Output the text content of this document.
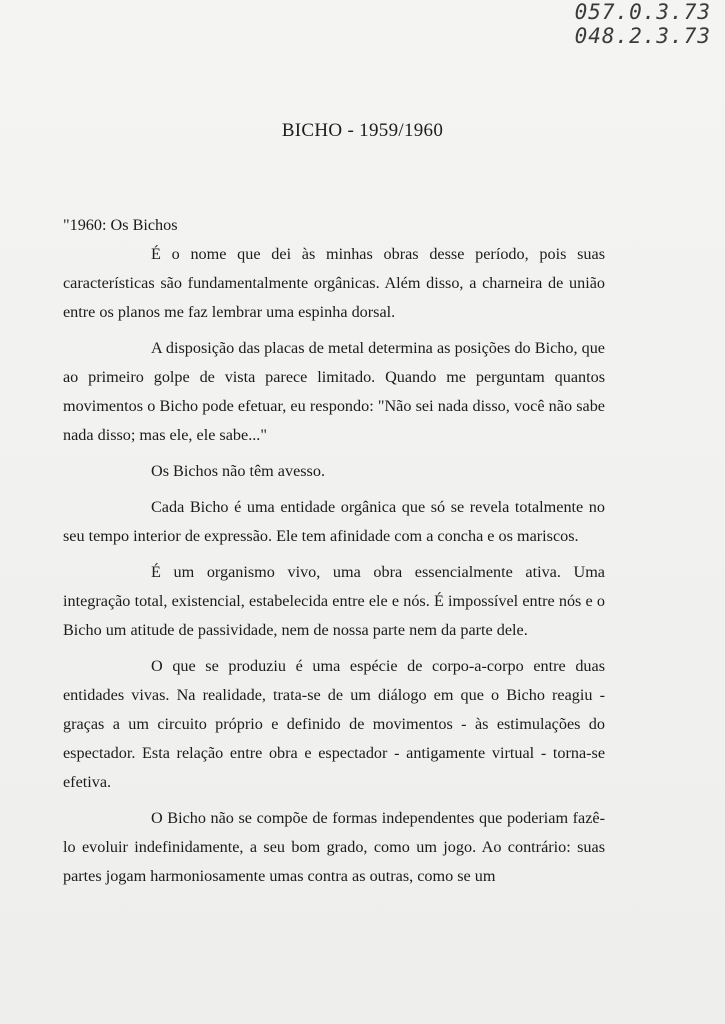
057.0.3.73
048.2.3.73
BICHO - 1959/1960

"1960: Os Bichos

É o nome que dei às minhas obras desse período, pois suas características são fundamentalmente orgânicas. Além disso, a charneira de união entre os planos me faz lembrar uma espinha dorsal.

A disposição das placas de metal determina as posições do Bicho, que ao primeiro golpe de vista parece limitado. Quando me perguntam quantos movimentos o Bicho pode efetuar, eu respondo: "Não sei nada disso, você não sabe nada disso; mas ele, ele sabe..."

Os Bichos não têm avesso.

Cada Bicho é uma entidade orgânica que só se revela totalmente no seu tempo interior de expressão. Ele tem afinidade com a concha e os mariscos.

É um organismo vivo, uma obra essencialmente ativa. Uma integração total, existencial, estabelecida entre ele e nós. É impossível entre nós e o Bicho um atitude de passividade, nem de nossa parte nem da parte dele.

O que se produziu é uma espécie de corpo-a-corpo entre duas entidades vivas. Na realidade, trata-se de um diálogo em que o Bicho reagiu - graças a um circuito próprio e definido de movimentos - às estimulações do espectador. Esta relação entre obra e espectador - antigamente virtual - torna-se efetiva.

O Bicho não se compõe de formas independentes que poderiam fazê-lo evoluir indefinidamente, a seu bom grado, como um jogo. Ao contrário: suas partes jogam harmoniosamente umas contra as outras, como se um
